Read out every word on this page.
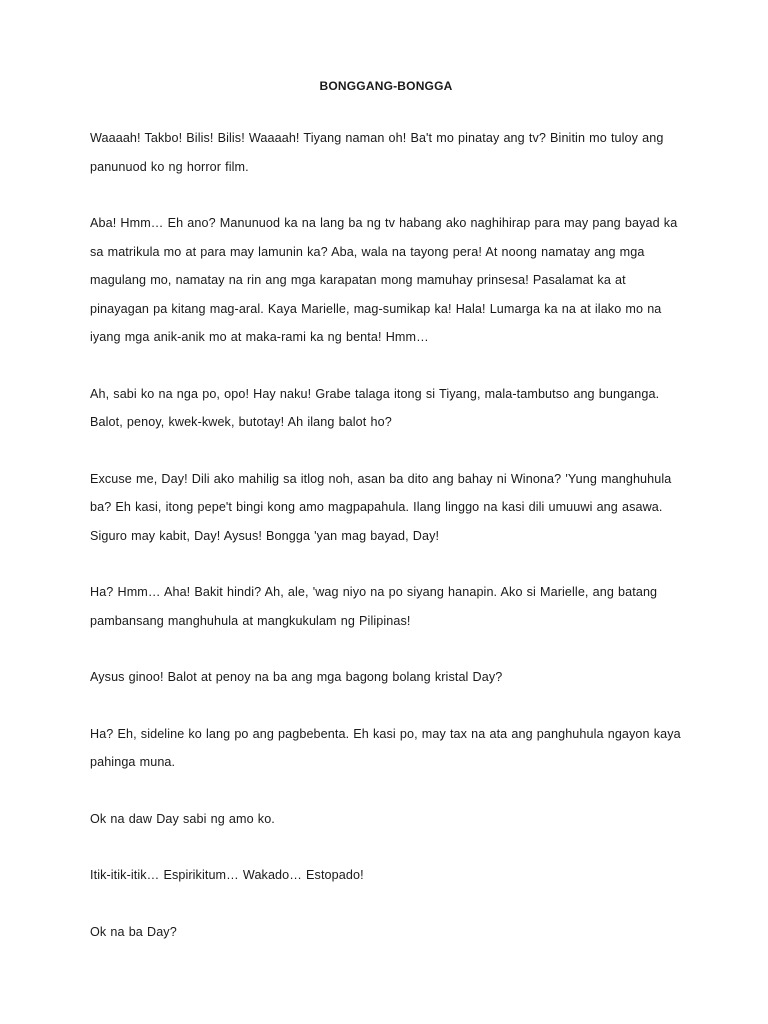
BONGGANG-BONGGA

Waaaah! Takbo! Bilis! Bilis! Waaaah! Tiyang naman oh! Ba't mo pinatay ang tv? Binitin mo tuloy ang panunuod ko ng horror film.

Aba! Hmm… Eh ano? Manunuod ka na lang ba ng tv habang ako naghihirap para may pang bayad ka sa matrikula mo at para may lamunin ka? Aba, wala na tayong pera! At noong namatay ang mga magulang mo, namatay na rin ang mga karapatan mong mamuhay prinsesa! Pasalamat ka at pinayagan pa kitang mag-aral. Kaya Marielle, mag-sumikap ka! Hala! Lumarga ka na at ilako mo na iyang mga anik-anik mo at maka-rami ka ng benta! Hmm…

Ah, sabi ko na nga po, opo! Hay naku! Grabe talaga itong si Tiyang, mala-tambutso ang bunganga. Balot, penoy, kwek-kwek, butotay! Ah ilang balot ho?

Excuse me, Day! Dili ako mahilig sa itlog noh, asan ba dito ang bahay ni Winona? 'Yung manghuhula ba? Eh kasi, itong pepe't bingi kong amo magpapahula. Ilang linggo na kasi dili umuuwi ang asawa. Siguro may kabit, Day! Aysus! Bongga 'yan mag bayad, Day!

Ha? Hmm… Aha! Bakit hindi? Ah, ale, 'wag niyo na po siyang hanapin. Ako si Marielle, ang batang pambansang manghuhula at mangkukulam ng Pilipinas!

Aysus ginoo! Balot at penoy na ba ang mga bagong bolang kristal Day?

Ha? Eh, sideline ko lang po ang pagbebenta. Eh kasi po, may tax na ata ang panghuhula ngayon kaya pahinga muna.

Ok na daw Day sabi ng amo ko.

Itik-itik-itik… Espirikitum… Wakado… Estopado!

Ok na ba Day?
